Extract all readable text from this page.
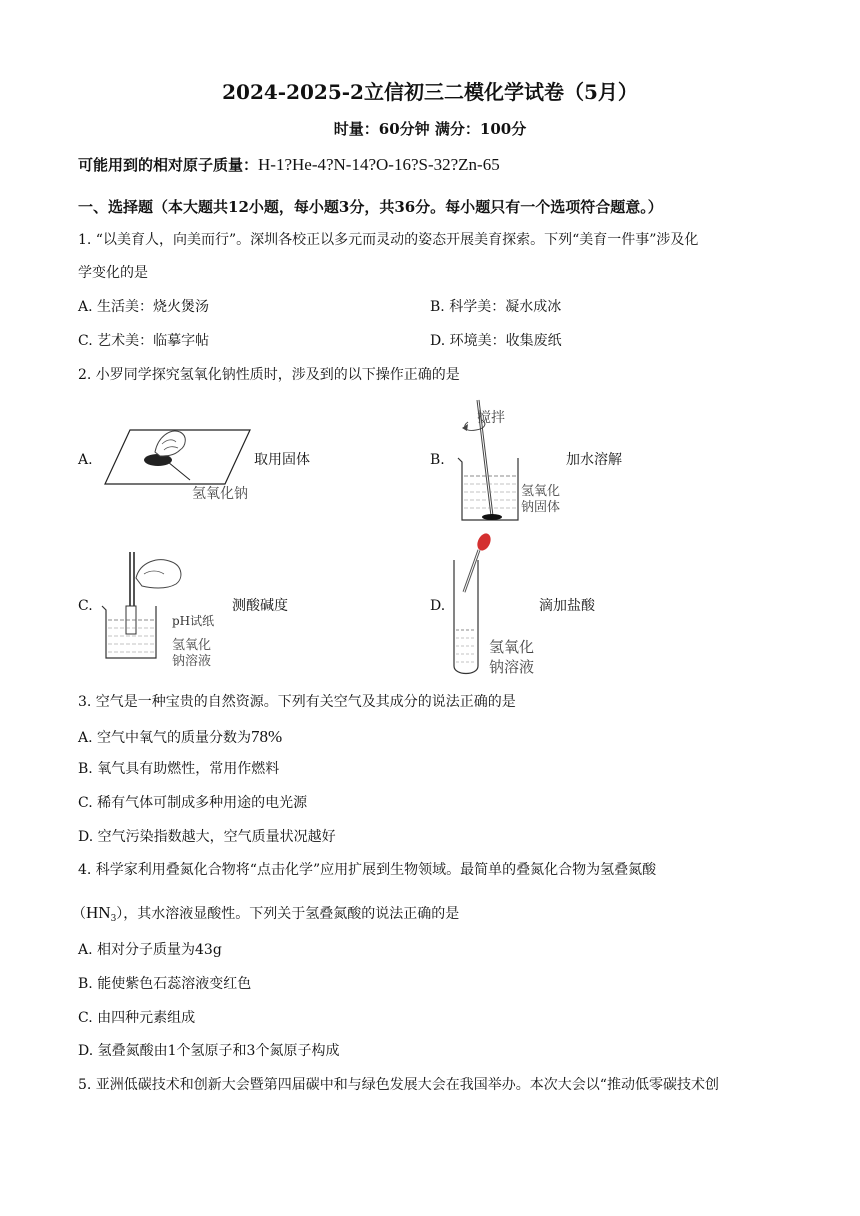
2024-2025-2立信初三二模化学试卷（5月）
时量：60分钟 满分：100分
可能用到的相对原子质量：H-1?He-4?N-14?O-16?S-32?Zn-65
一、选择题（本大题共12小题，每小题3分，共36分。每小题只有一个选项符合题意。）
1. “以美育人，向美而行”。深圳各校正以多元而灵动的姿态开展美育探索。下列“美育一件事”涉及化
学变化的是
A. 生活美：烧火煲汤	B. 科学美：凝水成冰
C. 艺术美：临摹字帖	D. 环境美：收集废纸
2. 小罗同学探究氢氧化钠性质时，涉及到的以下操作正确的是
A.
氢氧化钠
取用固体	B.
搅拌
氢氧化
钠固体
加水溶解
C.
pH试纸
氢氧化
钠溶液
测酸碱度	D.
氢氧化
钠溶液
滴加盐酸
3. 空气是一种宝贵的自然资源。下列有关空气及其成分的说法正确的是
A. 空气中氧气的质量分数为78%
B. 氧气具有助燃性，常用作燃料
C. 稀有气体可制成多种用途的电光源
D. 空气污染指数越大，空气质量状况越好
4. 科学家利用叠氮化合物将“点击化学”应用扩展到生物领域。最简单的叠氮化合物为氢叠氮酸
$(HN_3)$，其水溶液显酸性。下列关于氢叠氮酸的说法正确的是
A. 相对分子质量为43g
B. 能使紫色石蕊溶液变红色
C. 由四种元素组成
D. 氢叠氮酸由1个氢原子和3个氮原子构成
5. 亚洲低碳技术和创新大会暨第四届碳中和与绿色发展大会在我国举办。本次大会以“推动低零碳技术创
